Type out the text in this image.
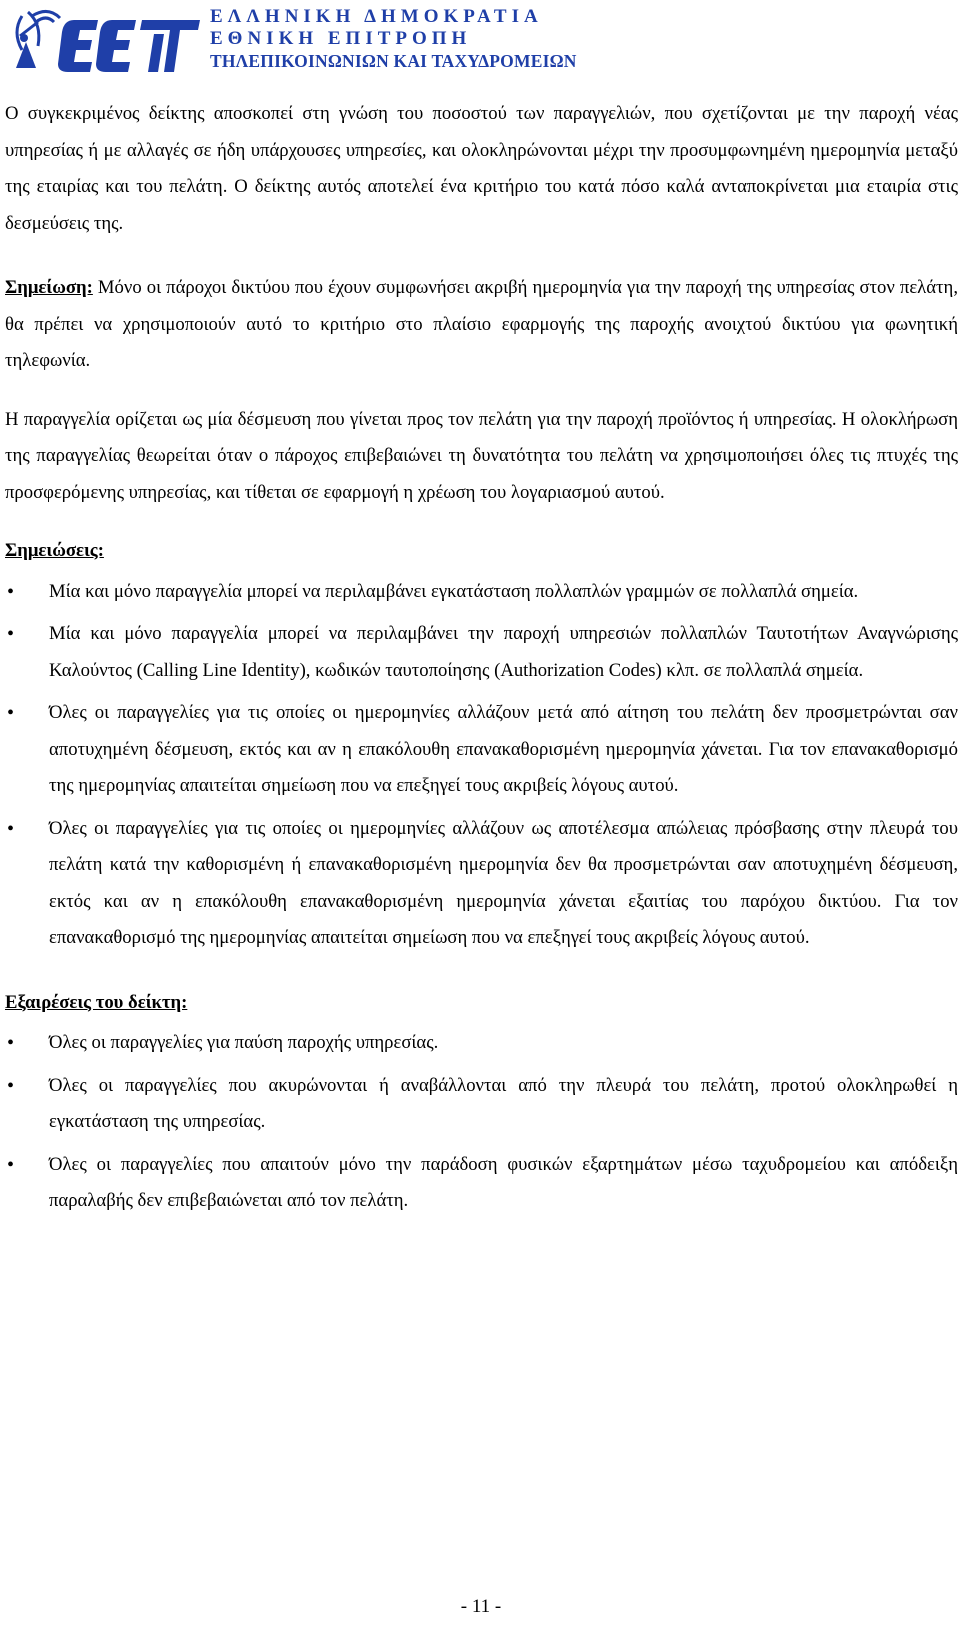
ΕΛΛΗΝΙΚΗ ΔΗΜΟΚΡΑΤΙΑ
ΕΘΝΙΚΗ ΕΠΙΤΡΟΠΗ
ΤΗΛΕΠΙΚΟΙΝΩΝΙΩΝ ΚΑΙ ΤΑΧΥΔΡΟΜΕΙΩΝ

Ο συγκεκριμένος δείκτης αποσκοπεί στη γνώση του ποσοστού των παραγγελιών, που σχετίζονται με την παροχή νέας υπηρεσίας ή με αλλαγές σε ήδη υπάρχουσες υπηρεσίες, και ολοκληρώνονται μέχρι την προσυμφωνημένη ημερομηνία μεταξύ της εταιρίας και του πελάτη. Ο δείκτης αυτός αποτελεί ένα κριτήριο του κατά πόσο καλά ανταποκρίνεται μια εταιρία στις δεσμεύσεις της.

Σημείωση: Μόνο οι πάροχοι δικτύου που έχουν συμφωνήσει ακριβή ημερομηνία για την παροχή της υπηρεσίας στον πελάτη, θα πρέπει να χρησιμοποιούν αυτό το κριτήριο στο πλαίσιο εφαρμογής της παροχής ανοιχτού δικτύου για φωνητική τηλεφωνία.

Η παραγγελία ορίζεται ως μία δέσμευση που γίνεται προς τον πελάτη για την παροχή προϊόντος ή υπηρεσίας. Η ολοκλήρωση της παραγγελίας θεωρείται όταν ο πάροχος επιβεβαιώνει τη δυνατότητα του πελάτη να χρησιμοποιήσει όλες τις πτυχές της προσφερόμενης υπηρεσίας, και τίθεται σε εφαρμογή η χρέωση του λογαριασμού αυτού.

Σημειώσεις:

• Μία και μόνο παραγγελία μπορεί να περιλαμβάνει εγκατάσταση πολλαπλών γραμμών σε πολλαπλά σημεία.
• Μία και μόνο παραγγελία μπορεί να περιλαμβάνει την παροχή υπηρεσιών πολλαπλών Ταυτοτήτων Αναγνώρισης Καλούντος (Calling Line Identity), κωδικών ταυτοποίησης (Authorization Codes) κλπ. σε πολλαπλά σημεία.
• Όλες οι παραγγελίες για τις οποίες οι ημερομηνίες αλλάζουν μετά από αίτηση του πελάτη δεν προσμετρώνται σαν αποτυχημένη δέσμευση, εκτός και αν η επακόλουθη επανακαθορισμένη ημερομηνία χάνεται. Για τον επανακαθορισμό της ημερομηνίας απαιτείται σημείωση που να επεξηγεί τους ακριβείς λόγους αυτού.
• Όλες οι παραγγελίες για τις οποίες οι ημερομηνίες αλλάζουν ως αποτέλεσμα απώλειας πρόσβασης στην πλευρά του πελάτη κατά την καθορισμένη ή επανακαθορισμένη ημερομηνία δεν θα προσμετρώνται σαν αποτυχημένη δέσμευση, εκτός και αν η επακόλουθη επανακαθορισμένη ημερομηνία χάνεται εξαιτίας του παρόχου δικτύου. Για τον επανακαθορισμό της ημερομηνίας απαιτείται σημείωση που να επεξηγεί τους ακριβείς λόγους αυτού.

Εξαιρέσεις του δείκτη:

• Όλες οι παραγγελίες για παύση παροχής υπηρεσίας.
• Όλες οι παραγγελίες που ακυρώνονται ή αναβάλλονται από την πλευρά του πελάτη, προτού ολοκληρωθεί η εγκατάσταση της υπηρεσίας.
• Όλες οι παραγγελίες που απαιτούν μόνο την παράδοση φυσικών εξαρτημάτων μέσω ταχυδρομείου και απόδειξη παραλαβής δεν επιβεβαιώνεται από τον πελάτη.
- 11 -
